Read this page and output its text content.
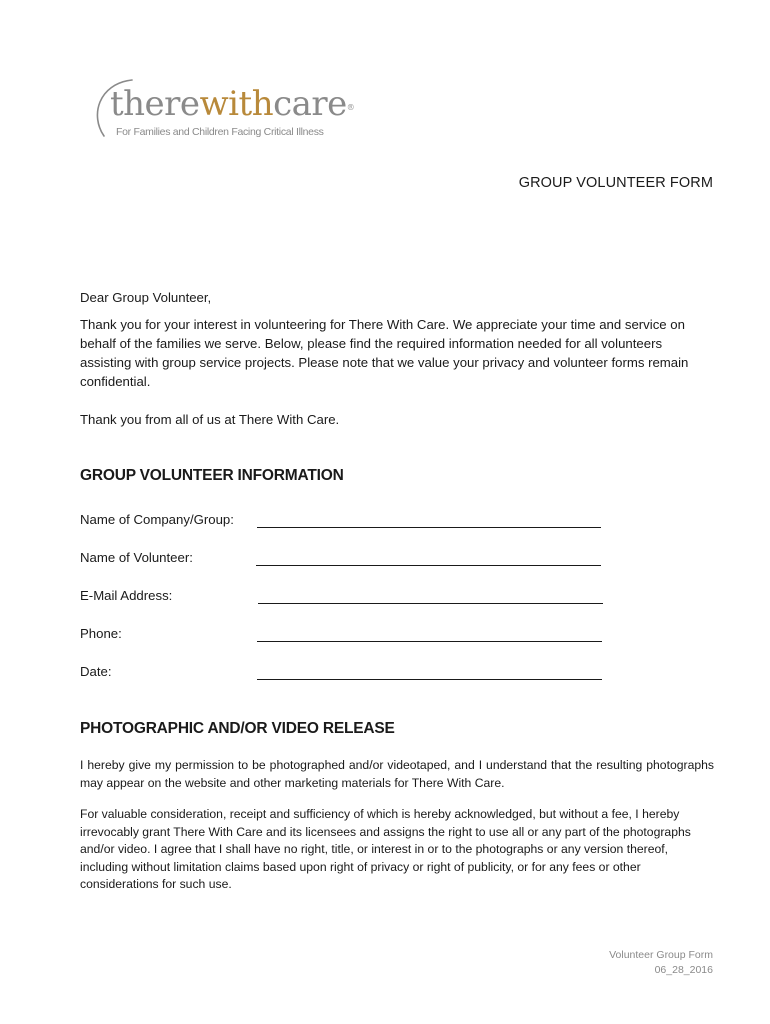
therewithcare®
For Families and Children Facing Critical Illness
GROUP VOLUNTEER FORM
Dear Group Volunteer,
Thank you for your interest in volunteering for There With Care. We appreciate your time and service on behalf of the families we serve. Below, please find the required information needed for all volunteers assisting with group service projects. Please note that we value your privacy and volunteer forms remain confidential.
Thank you from all of us at There With Care.
GROUP VOLUNTEER INFORMATION
Name of Company/Group:
Name of Volunteer:
E-Mail Address:
Phone:
Date:
PHOTOGRAPHIC AND/OR VIDEO RELEASE
I hereby give my permission to be photographed and/or videotaped, and I understand that the resulting photographs may appear on the website and other marketing materials for There With Care.
For valuable consideration, receipt and sufficiency of which is hereby acknowledged, but without a fee, I hereby irrevocably grant There With Care and its licensees and assigns the right to use all or any part of the photographs and/or video. I agree that I shall have no right, title, or interest in or to the photographs or any version thereof, including without limitation claims based upon right of privacy or right of publicity, or for any fees or other considerations for such use.
Volunteer Group Form
06_28_2016
